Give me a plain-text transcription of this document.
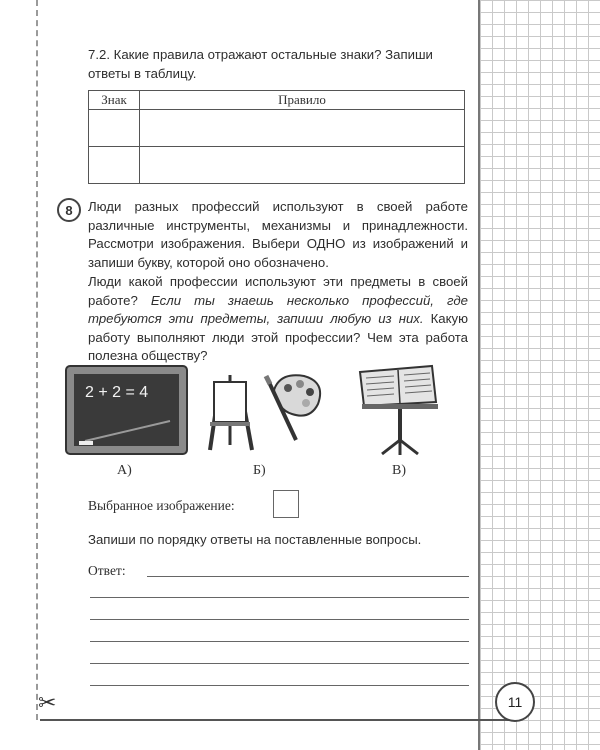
✂
7.2. Какие правила отражают остальные знаки? Запиши ответы в таблицу.
Знак	Правило

8	Люди разных профессий используют в своей работе различные инструменты, механизмы и принадлежности. Рассмотри изображения. Выбери ОДНО из изображений и запиши букву, которой оно обозначено.
Люди какой профессии используют эти предметы в своей работе? Если ты знаешь несколько профессий, где требуются эти предметы, запиши любую из них. Какую работу выполняют люди этой профессии? Чем эта работа полезна обществу?
2 + 2 = 4
А)	Б)	В)
Выбранное изображение:
Запиши по порядку ответы на поставленные вопросы.
Ответ:
11
